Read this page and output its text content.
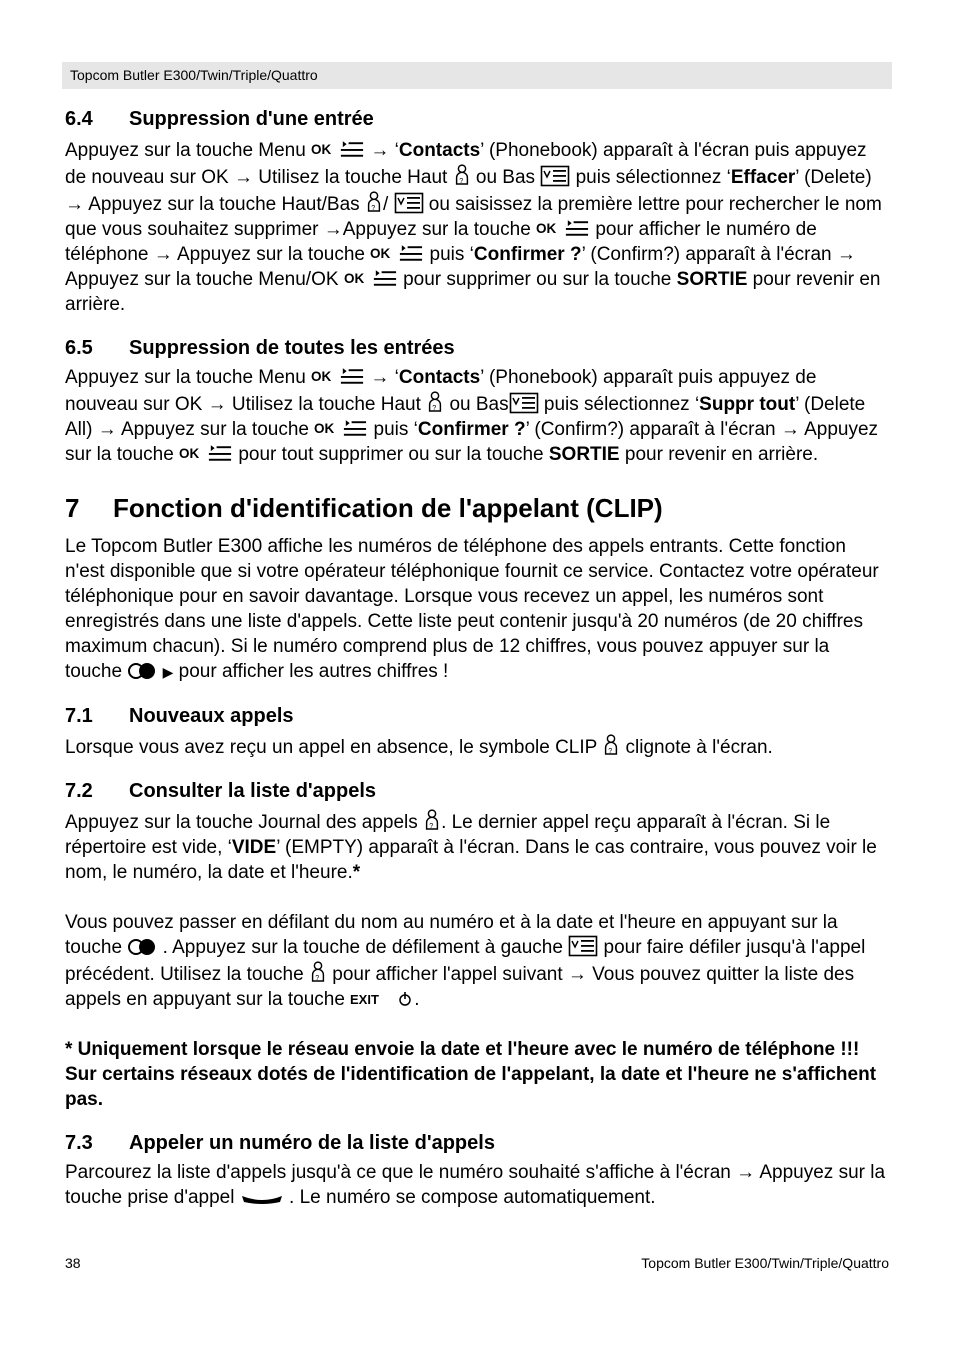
Topcom Butler E300/Twin/Triple/Quattro
6.4 Suppression d'une entrée

Appuyez sur la touche Menu	→ ‘Contacts’ (Phonebook) apparaît à l'écran puis appuyez de nouveau sur OK → Utilisez la touche Haut  ou Bas  puis sélectionnez ‘Effacer’ (Delete) → Appuyez sur la touche Haut/Bas /  ou saisissez la première lettre pour rechercher le nom que vous souhaitez supprimer →Appuyez sur la touche	pour afficher le numéro de téléphone → Appuyez sur la touche	puis ‘Confirmer ?’ (Confirm?) apparaît à l'écran → Appuyez sur la touche Menu/OK	pour supprimer ou sur la touche SORTIE pour revenir en arrière.

6.5 Suppression de toutes les entrées

Appuyez sur la touche Menu	→ ‘Contacts’ (Phonebook) apparaît puis appuyez de nouveau sur OK → Utilisez la touche Haut  ou Bas puis sélectionnez ‘Suppr tout’ (Delete All) → Appuyez sur la touche	puis ‘Confirmer ?’ (Confirm?) apparaît à l'écran → Appuyez sur la touche	pour tout supprimer ou sur la touche SORTIE pour revenir en arrière.

7 Fonction d'identification de l'appelant (CLIP)

Le Topcom Butler E300 affiche les numéros de téléphone des appels entrants. Cette fonction n'est disponible que si votre opérateur téléphonique fournit ce service. Contactez votre opérateur téléphonique pour en savoir davantage. Lorsque vous recevez un appel, les numéros sont enregistrés dans une liste d'appels. Cette liste peut contenir jusqu'à 20 numéros (de 20 chiffres maximum chacun). Si le numéro comprend plus de 12 chiffres, vous pouvez appuyer sur la touche	▶ pour afficher les autres chiffres !

7.1 Nouveaux appels

Lorsque vous avez reçu un appel en absence, le symbole CLIP  clignote à l'écran.

7.2 Consulter la liste d'appels

Appuyez sur la touche Journal des appels . Le dernier appel reçu apparaît à l'écran. Si le répertoire est vide, ‘VIDE’ (EMPTY) apparaît à l'écran. Dans le cas contraire, vous pouvez voir le nom, le numéro, la date et l'heure.*

Vous pouvez passer en défilant du nom au numéro et à la date et l'heure en appuyant sur la touche  . Appuyez sur la touche de défilement à gauche  pour faire défiler jusqu'à l'appel précédent. Utilisez la touche  pour afficher l'appel suivant → Vous pouvez quitter la liste des appels en appuyant sur la touche	.

* Uniquement lorsque le réseau envoie la date et l'heure avec le numéro de téléphone !!! Sur certains réseaux dotés de l'identification de l'appelant, la date et l'heure ne s'affichent pas.

7.3 Appeler un numéro de la liste d'appels

Parcourez la liste d'appels jusqu'à ce que le numéro souhaité s'affiche à l'écran → Appuyez sur la touche prise d'appel  . Le numéro se compose automatiquement.

38	Topcom Butler E300/Twin/Triple/Quattro
